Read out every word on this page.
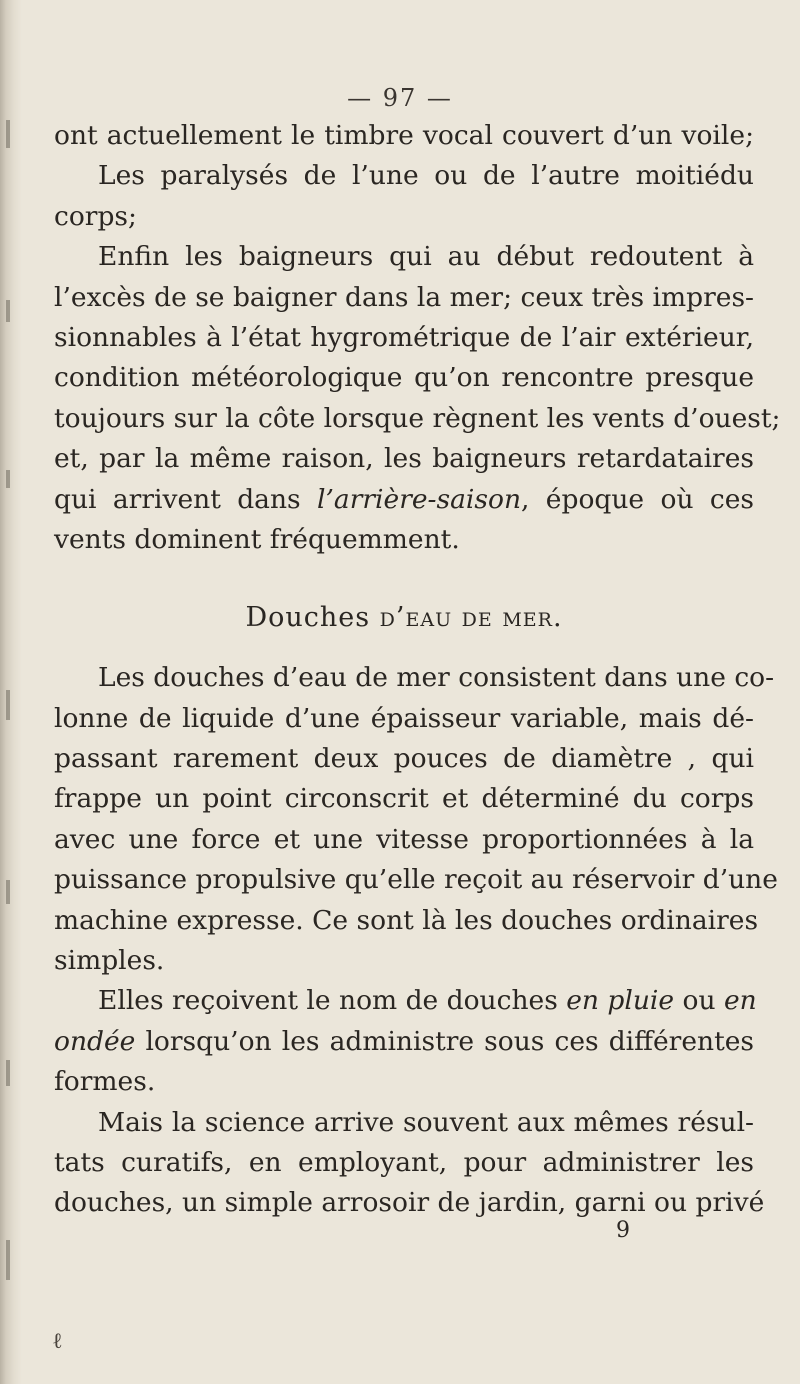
— 97 —
ont actuellement le timbre vocal couvert d’un voile;
Les paralysés de l’une ou de l’autre moitiédu
corps;
Enfin les baigneurs qui au début redoutent à
l’excès de se baigner dans la mer; ceux très impres-
sionnables à l’état hygrométrique de l’air extérieur,
condition météorologique qu’on rencontre presque
toujours sur la côte lorsque règnent les vents d’ouest;
et, par la même raison, les baigneurs retardataires
qui arrivent dans l’arrière-saison, époque où ces
vents dominent fréquemment.
Douches d’eau de mer.
Les douches d’eau de mer consistent dans une co-
lonne de liquide d’une épaisseur variable, mais dé-
passant rarement deux pouces de diamètre , qui
frappe un point circonscrit et déterminé du corps
avec une force et une vitesse proportionnées à la
puissance propulsive qu’elle reçoit au réservoir d’une
machine expresse. Ce sont là les douches ordinaires
simples.
Elles reçoivent le nom de douches en pluie ou en
ondée lorsqu’on les administre sous ces différentes
formes.
Mais la science arrive souvent aux mêmes résul-
tats curatifs, en employant, pour administrer les
douches, un simple arrosoir de jardin, garni ou privé
9
ℓ
